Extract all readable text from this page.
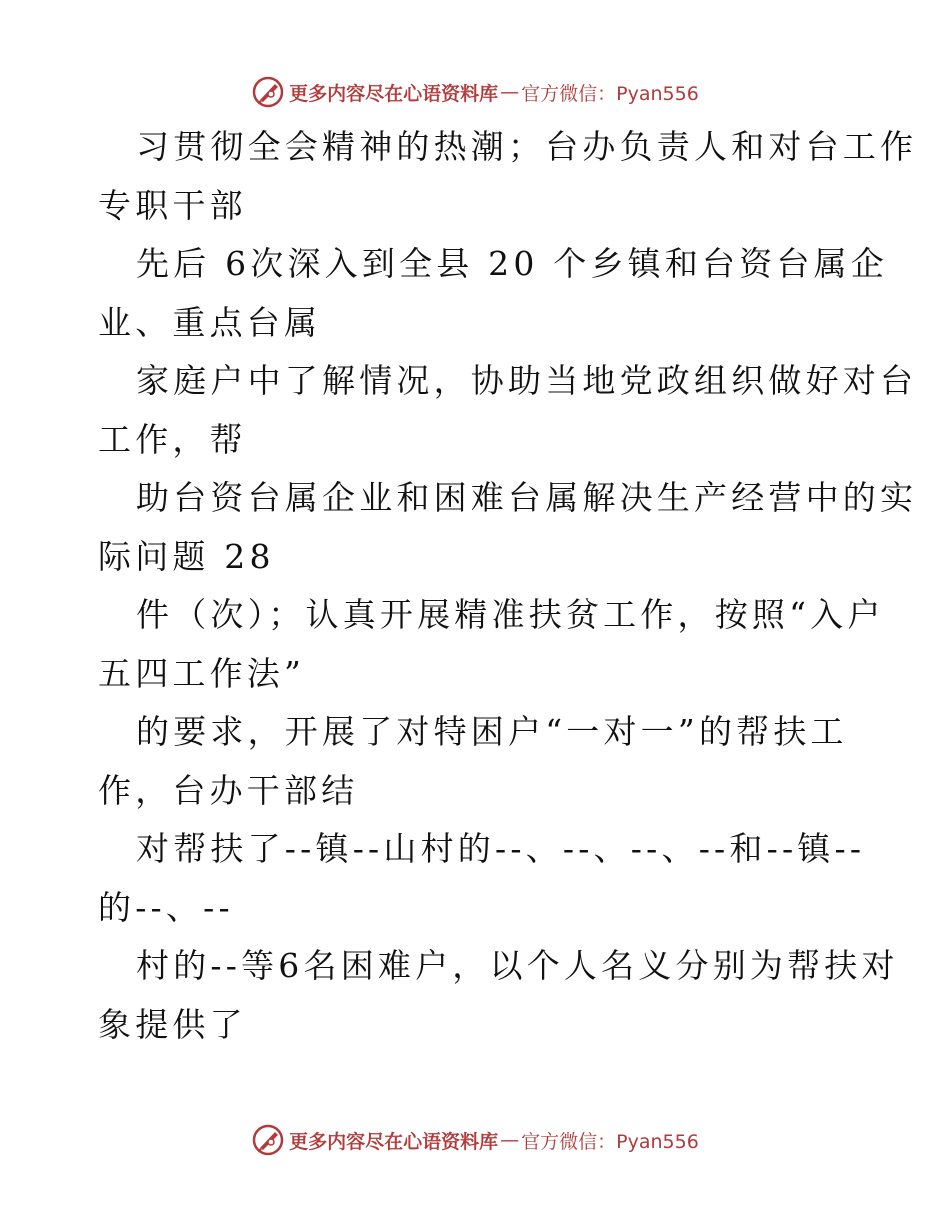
更多内容尽在心语资料库 — 官方微信：Pyan556
习贯彻全会精神的热潮；台办负责人和对台工作
专职干部
先后 6次深入到全县 20 个乡镇和台资台属企
业、重点台属
家庭户中了解情况，协助当地党政组织做好对台
工作，帮
助台资台属企业和困难台属解决生产经营中的实
际问题 28
件（次）；认真开展精准扶贫工作，按照“入户
五四工作法”
的要求，开展了对特困户“一对一”的帮扶工
作，台办干部结
对帮扶了--镇--山村的--、--、--、--和--镇--
的--、--
村的--等6名困难户，以个人名义分别为帮扶对
象提供了
更多内容尽在心语资料库 — 官方微信：Pyan556
